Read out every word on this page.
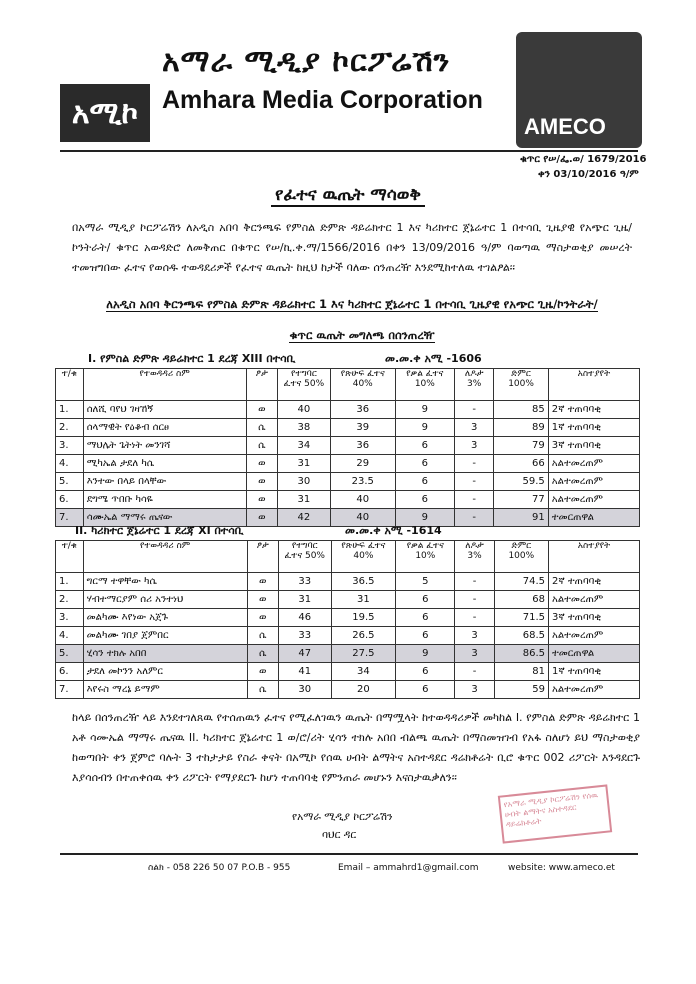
አሚኮ
አማራ ሚዲያ ኮርፖሬሽን
Amhara Media Corporation
AMECO
ቁጥር የሠ/ፌ.ወ/ 1679/2016
ቀን 03/10/2016 ዓ/ም
የፈተና ዉጤት ማሳወቅ
በአማራ ሚዲያ ኮርፖሬሽን ለአዲስ አበባ ቅርንጫፍ የምስል ድምጽ ዳይሬክተር 1 እና ካሪክተር ጀኔሬተር 1 በተሳቢ ጊዜያዊ የአጭር ጊዜ/ኮንትራት/ ቁጥር አወዳድሮ ለመቅጠር በቁጥር የሠ/ኪ.ቀ.ማ/1566/2016 በቀን 13/09/2016 ዓ/ም ባወጣዉ ማስታወቂያ መሠረት ተመዝግበው ፈተና የወሰዱ ተወዳደሪዎች የፈተና ዉጤት ከዚህ ከታች ባለው ሰንጠረዥ እንደሚከተለዉ ተገልፆል፡፡
ለአዲስ አበባ ቅርንጫፍ የምስል ድምጽ ዳይሬክተር 1 እና ካሪክተር ጀኔሬተር 1 በተሳቢ ጊዜያዊ የአጭር ጊዜ/ኮንትራት/
ቁጥር ዉጤት መግለጫ በሰንጠረዥ
I. የምስል ድምጽ ዳይሬክተር 1 ደረጃ XIII በተሳቢ	መ.መ.ቀ አሚ -1606
ተ/ቁ	የተወዳዳሪ ስም	ፆታ	የተግባር ፈተና 50%	የጽሁፍ ፈተና 40%	የቃል ፈተና 10%	ለዶታ 3%	ድምር 100%	አስተያየት
1.	ሰለሺ ባየህ ገዛኸኝ	ወ	40	36	9	-	85	2ኛ ተጠባባቂ
2.	ሰላማዊት የዕቆብ ሰርፀ	ሴ	38	39	9	3	89	1ኛ ተጠባባቂ
3.	ማህሌት ጌትነት መንገሻ	ሴ	34	36	6	3	79	3ኛ ተጠባባቂ
4.	ሚካኤል ታደለ ካሴ	ወ	31	29	6	-	66	አልተመረጠም
5.	እንተው በላይ በላቸው	ወ	30	23.5	6	-	59.5	አልተመረጠም
6.	ደግሜ ጥበቡ ካሳዬ	ወ	31	40	6	-	77	አልተመረጠም
7.	ሳሙኤል ማማሩ ጤናው	ወ	42	40	9	-	91	ተመርጠዋል
II. ካሪክተር ጀኔሬተር 1 ደረጃ XI በተሳቢ	መ.መ.ቀ አሚ -1614
ተ/ቁ	የተወዳዳሪ ስም	ፆታ	የተግባር ፈተና 50%	የጽሁፍ ፈተና 40%	የቃል ፈተና 10%	ለዶታ 3%	ድምር 100%	አስተያየት
1.	ግርማ ተዋቸው ካሴ	ወ	33	36.5	5	-	74.5	2ኛ ተጠባባቂ
2.	ሃብተማርያም ሰሪ አንተነህ	ወ	31	31	6	-	68	አልተመረጠም
3.	መልካሙ እየነው አጀጉ	ወ	46	19.5	6	-	71.5	3ኛ ተጠባባቂ
4.	መልካሙ ገበያ ጀምበር	ሴ	33	26.5	6	3	68.5	አልተመረጠም
5.	ሂሳን ተክሉ አበበ	ሴ	47	27.5	9	3	86.5	ተመርጠዋል
6.	ታደለ መኮንን አለምር	ወ	41	34	6	-	81	1ኛ ተጠባባቂ
7.	እየሩስ ማረኔ ይማም	ሴ	30	20	6	3	59	አልተመረጠም
ከላይ በሰንጠረዥ ላይ እንደተገለጸዉ የተሰጠዉን ፈተና የሚፈለገዉን ዉጤት በማሟላት ከተወዳዳሪዎች መካከል I. የምስል ድምጽ ዳይሬክተር 1 አቶ ሳሙኤል ማማሩ ጤናዉ II. ካሪክተር ጀኔሬተር 1 ወ/ሮ/ሪት ሂሳን ተክሉ አበበ ብልጫ ዉጤት በማስመዝገብ የአፋ ስለሆነ ይህ ማስታወቂያ ከወጣበት ቀን ጀምሮ ባሉት 3 ተከታታይ የስራ ቀናት በአሚኮ የሰዉ ሀብት ልማትና አስተዳደር ዳሬክቶሬት ቢሮ ቁጥር 002 ሪፖርት እንዳደርጉ እያሳሰብን በተጠቀሰዉ ቀን ሪፖርት የማያደርጉ ከሆነ ተጠባባቂ የምንጠራ መሆኑን እናስታዉቃለን፡፡
የአማራ ሚዲያ ኮርፖሬሽን
ባህር ዳር
የአማራ ሚዲያ ኮርፖሬሽን የሰዉ ሀብት ልማትና አስተዳደር ዳይሬክቶሬት
ስልክ - 058 226 50 07 P.O.B - 955	Email – ammahrd1@gmail.com	website: www.ameco.et
